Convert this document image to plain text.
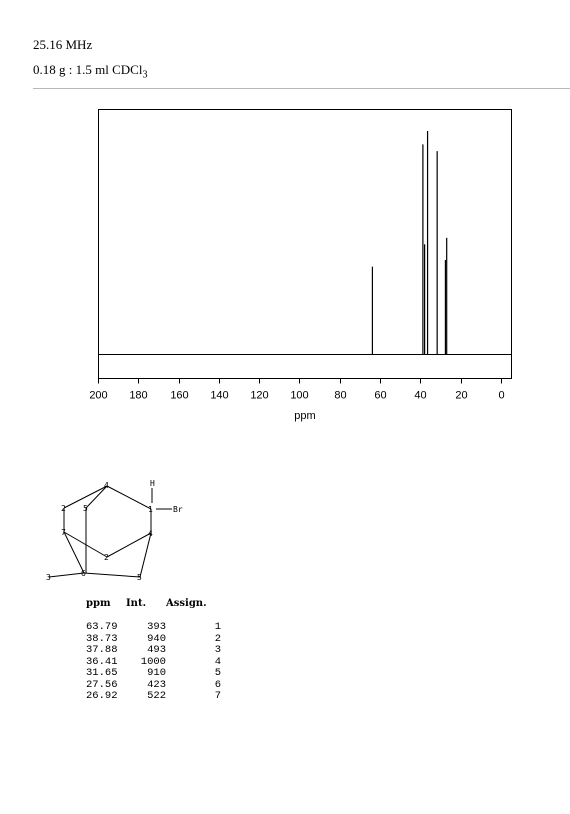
25.16 MHz
0.18 g : 1.5 ml CDCl$_3$
200 180 160 140 120 100 80	60	40	20	0
ppm
H
Br
4
2 5	1
7	4
2
6	5
3
ppm	Int.	Assign.
63.79	393	1
38.73	940	2
37.88	493	3
36.41	1000	4
31.65	910	5
27.56	423	6
26.92	522	7
